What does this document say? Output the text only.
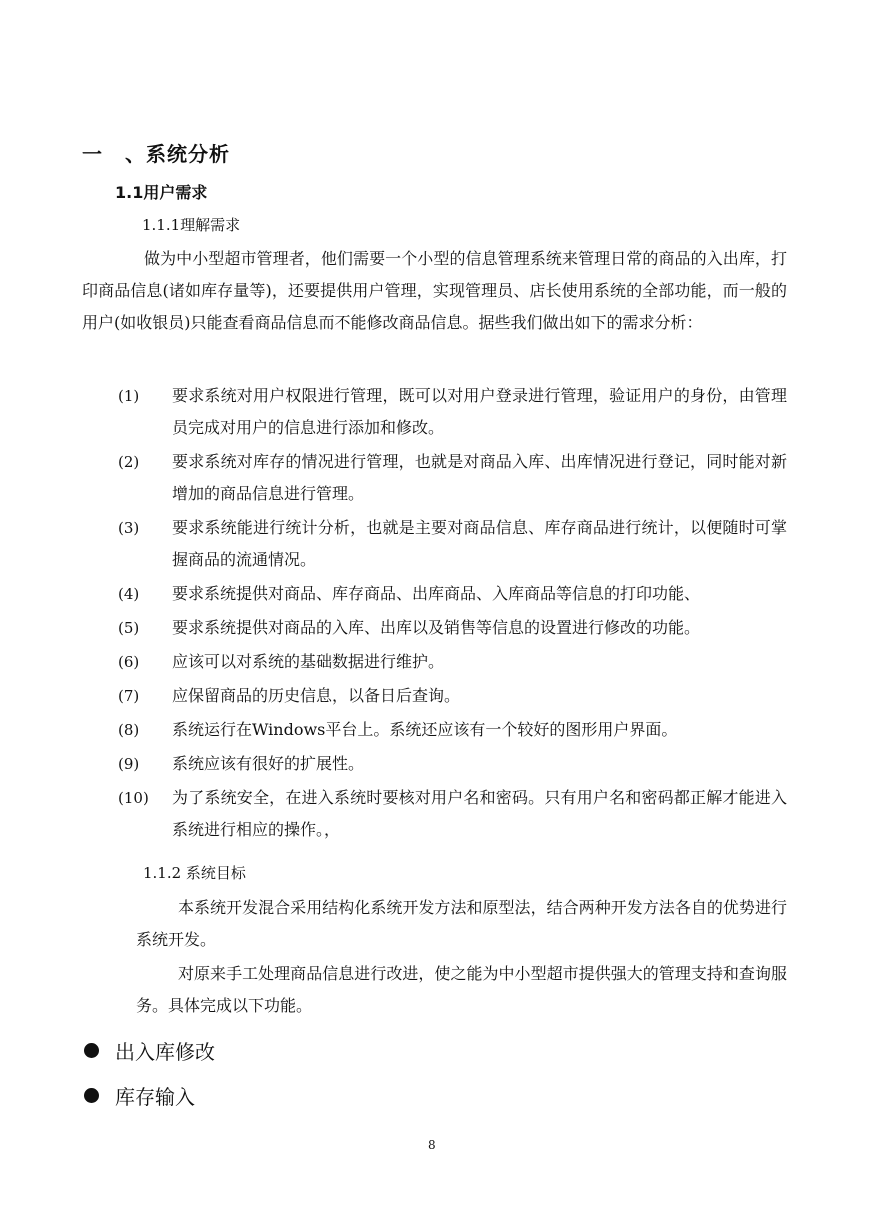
一 、系统分析
1.1用户需求
1.1.1理解需求
做为中小型超市管理者，他们需要一个小型的信息管理系统来管理日常的商品的入出库，打印商品信息(诸如库存量等)，还要提供用户管理，实现管理员、店长使用系统的全部功能，而一般的用户(如收银员)只能查看商品信息而不能修改商品信息。据些我们做出如下的需求分析：
(1)	要求系统对用户权限进行管理，既可以对用户登录进行管理，验证用户的身份，由管理员完成对用户的信息进行添加和修改。
(2)	要求系统对库存的情况进行管理，也就是对商品入库、出库情况进行登记，同时能对新增加的商品信息进行管理。
(3)	要求系统能进行统计分析，也就是主要对商品信息、库存商品进行统计，以便随时可掌握商品的流通情况。
(4)	要求系统提供对商品、库存商品、出库商品、入库商品等信息的打印功能、
(5)	要求系统提供对商品的入库、出库以及销售等信息的设置进行修改的功能。
(6)	应该可以对系统的基础数据进行维护。
(7)	应保留商品的历史信息，以备日后查询。
(8)	系统运行在Windows平台上。系统还应该有一个较好的图形用户界面。
(9)	系统应该有很好的扩展性。
(10)	为了系统安全，在进入系统时要核对用户名和密码。只有用户名和密码都正解才能进入系统进行相应的操作。，
1.1.2 系统目标
本系统开发混合采用结构化系统开发方法和原型法，结合两种开发方法各自的优势进行系统开发。
对原来手工处理商品信息进行改进，使之能为中小型超市提供强大的管理支持和查询服务。具体完成以下功能。
出入库修改
库存输入
8
